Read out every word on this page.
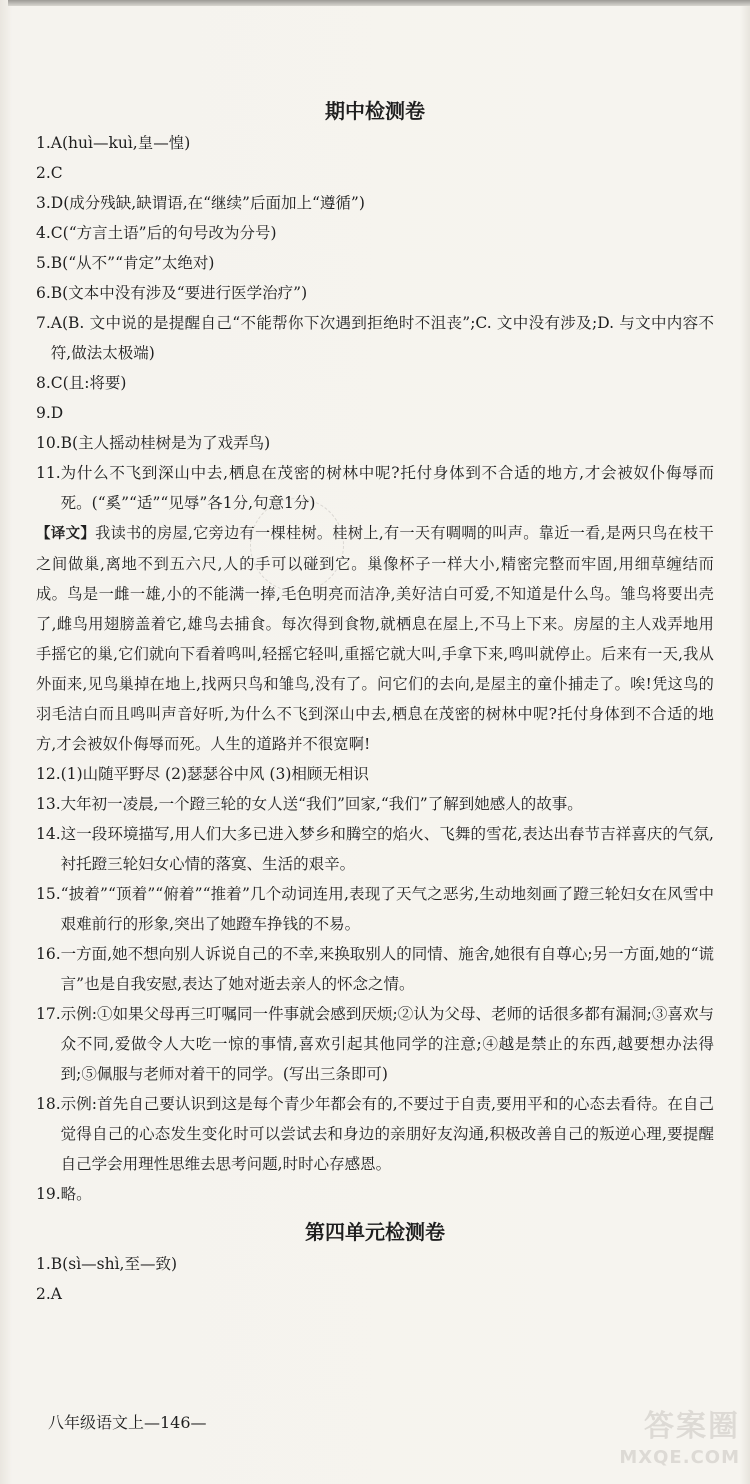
期中检测卷
1. A(huì—kuì,皇—惶)
2. C
3. D(成分残缺,缺谓语,在“继续”后面加上“遵循”)
4. C(“方言土语”后的句号改为分号)
5. B(“从不”“肯定”太绝对)
6. B(文本中没有涉及“要进行医学治疗”)
7. A(B. 文中说的是提醒自己“不能帮你下次遇到拒绝时不沮丧”;C. 文中没有涉及;D. 与文中内容不符,做法太极端)
8. C(且:将要)
9. D
10. B(主人摇动桂树是为了戏弄鸟)
11. 为什么不飞到深山中去,栖息在茂密的树林中呢?托付身体到不合适的地方,才会被奴仆侮辱而死。(“奚”“适”“见辱”各1分,句意1分)
【译文】我读书的房屋,它旁边有一棵桂树。桂树上,有一天有啁啁的叫声。靠近一看,是两只鸟在枝干之间做巢,离地不到五六尺,人的手可以碰到它。巢像杯子一样大小,精密完整而牢固,用细草缠结而成。鸟是一雌一雄,小的不能满一捧,毛色明亮而洁净,美好洁白可爱,不知道是什么鸟。雏鸟将要出壳了,雌鸟用翅膀盖着它,雄鸟去捕食。每次得到食物,就栖息在屋上,不马上下来。房屋的主人戏弄地用手摇它的巢,它们就向下看着鸣叫,轻摇它轻叫,重摇它就大叫,手拿下来,鸣叫就停止。后来有一天,我从外面来,见鸟巢掉在地上,找两只鸟和雏鸟,没有了。问它们的去向,是屋主的童仆捕走了。唉!凭这鸟的羽毛洁白而且鸣叫声音好听,为什么不飞到深山中去,栖息在茂密的树林中呢?托付身体到不合适的地方,才会被奴仆侮辱而死。人生的道路并不很宽啊!
12. (1)山随平野尽 (2)瑟瑟谷中风 (3)相顾无相识
13. 大年初一凌晨,一个蹬三轮的女人送“我们”回家,“我们”了解到她感人的故事。
14. 这一段环境描写,用人们大多已进入梦乡和腾空的焰火、飞舞的雪花,表达出春节吉祥喜庆的气氛,衬托蹬三轮妇女心情的落寞、生活的艰辛。
15. “披着”“顶着”“俯着”“推着”几个动词连用,表现了天气之恶劣,生动地刻画了蹬三轮妇女在风雪中艰难前行的形象,突出了她蹬车挣钱的不易。
16. 一方面,她不想向别人诉说自己的不幸,来换取别人的同情、施舍,她很有自尊心;另一方面,她的“谎言”也是自我安慰,表达了她对逝去亲人的怀念之情。
17. 示例:①如果父母再三叮嘱同一件事就会感到厌烦;②认为父母、老师的话很多都有漏洞;③喜欢与众不同,爱做令人大吃一惊的事情,喜欢引起其他同学的注意;④越是禁止的东西,越要想办法得到;⑤佩服与老师对着干的同学。(写出三条即可)
18. 示例:首先自己要认识到这是每个青少年都会有的,不要过于自责,要用平和的心态去看待。在自己觉得自己的心态发生变化时可以尝试去和身边的亲朋好友沟通,积极改善自己的叛逆心理,要提醒自己学会用理性思维去思考问题,时时心存感恩。
19. 略。
第四单元检测卷
1. B(sì—shì,至—致)
2. A
八年级语文上—146—	答案圈
MXQE.COM
